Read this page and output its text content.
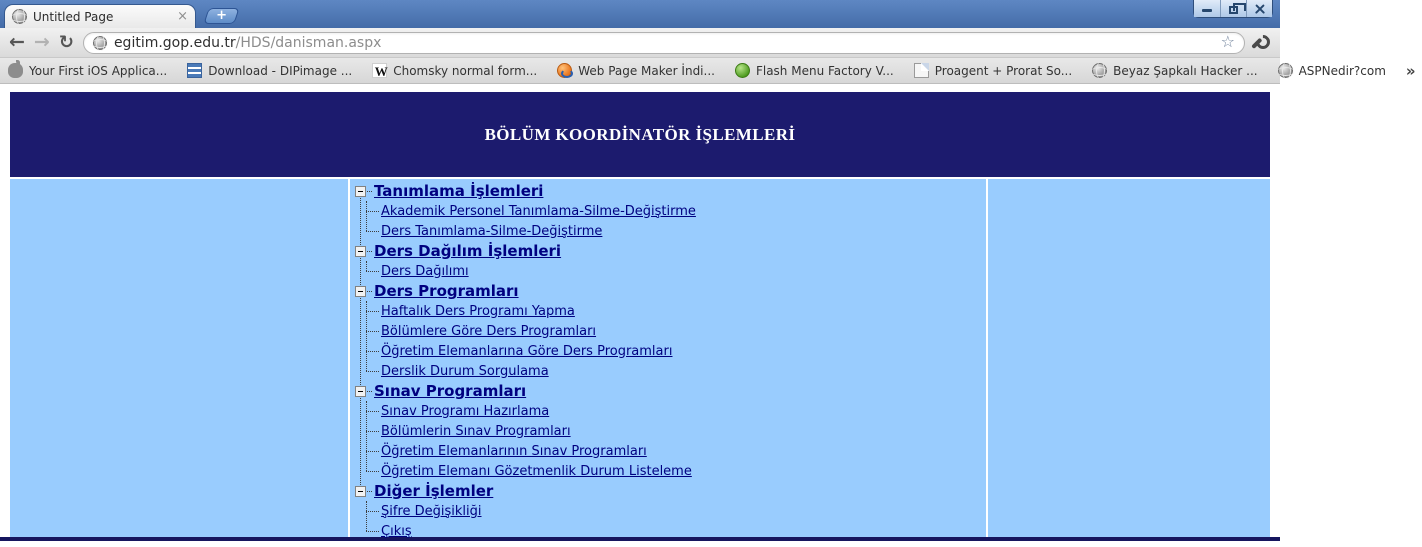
Untitled Page	× +
← → ↻	egitim.gop.edu.tr/HDS/danisman.aspx	☆
Your First iOS Applica...	Download - DIPimage ... W	Chomsky normal form...	Web Page Maker İndi...	Flash Menu Factory V...	Proagent + Prorat So...	Beyaz Şapkalı Hacker ...	ASPNedir?com »
BÖLÜM KOORDİNATÖR İŞLEMLERİ
Tanımlama İşlemleri
Akademik Personel Tanımlama-Silme-Değiştirme
Ders Tanımlama-Silme-Değiştirme
Ders Dağılım İşlemleri
Ders Dağılımı
Ders Programları
Haftalık Ders Programı Yapma
Bölümlere Göre Ders Programları
Öğretim Elemanlarına Göre Ders Programları
Derslik Durum Sorgulama
Sınav Programları
Sınav Programı Hazırlama
Bölümlerin Sınav Programları
Öğretim Elemanlarının Sınav Programları
Öğretim Elemanı Gözetmenlik Durum Listeleme
Diğer İşlemler
Şifre Değişikliği
Çıkış
